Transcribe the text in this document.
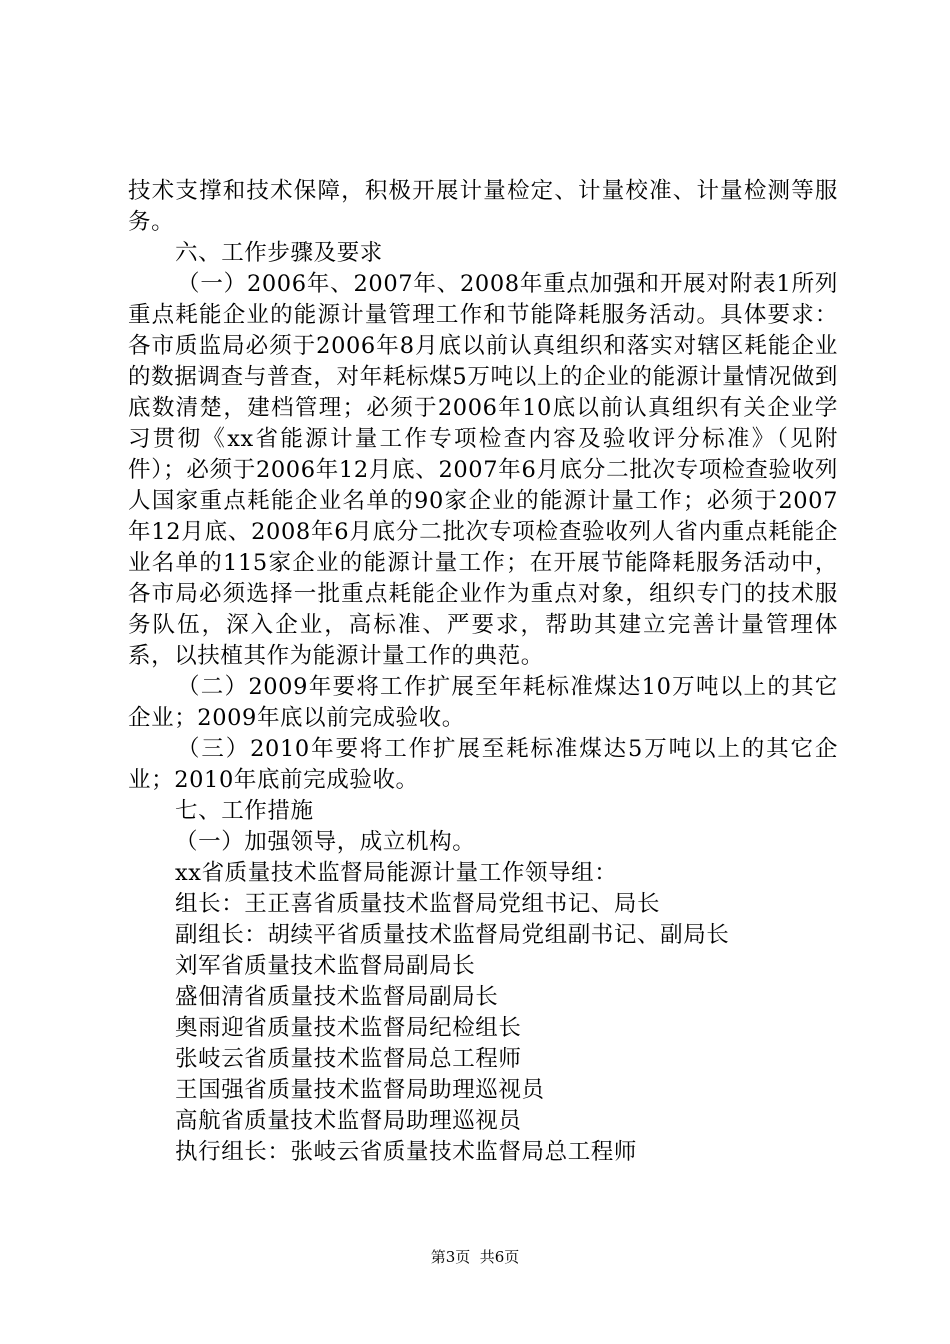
技术支撑和技术保障，积极开展计量检定、计量校准、计量检测等服务。

六、工作步骤及要求

（一）2006年、2007年、2008年重点加强和开展对附表1所列重点耗能企业的能源计量管理工作和节能降耗服务活动。具体要求：各市质监局必须于2006年8月底以前认真组织和落实对辖区耗能企业的数据调查与普查，对年耗标煤5万吨以上的企业的能源计量情况做到底数清楚，建档管理；必须于2006年10底以前认真组织有关企业学习贯彻《xx省能源计量工作专项检查内容及验收评分标准》（见附件）；必须于2006年12月底、2007年6月底分二批次专项检查验收列人国家重点耗能企业名单的90家企业的能源计量工作；必须于2007年12月底、2008年6月底分二批次专项检查验收列人省内重点耗能企业名单的115家企业的能源计量工作；在开展节能降耗服务活动中，各市局必须选择一批重点耗能企业作为重点对象，组织专门的技术服务队伍，深入企业，高标准、严要求，帮助其建立完善计量管理体系，以扶植其作为能源计量工作的典范。

（二）2009年要将工作扩展至年耗标准煤达10万吨以上的其它企业；2009年底以前完成验收。

（三）2010年要将工作扩展至耗标准煤达5万吨以上的其它企业；2010年底前完成验收。

七、工作措施

（一）加强领导，成立机构。

xx省质量技术监督局能源计量工作领导组：

组长：王正喜省质量技术监督局党组书记、局长

副组长：胡续平省质量技术监督局党组副书记、副局长

刘军省质量技术监督局副局长

盛佃清省质量技术监督局副局长

奥雨迎省质量技术监督局纪检组长

张岐云省质量技术监督局总工程师

王国强省质量技术监督局助理巡视员

高航省质量技术监督局助理巡视员

执行组长：张岐云省质量技术监督局总工程师

第3页  共6页
